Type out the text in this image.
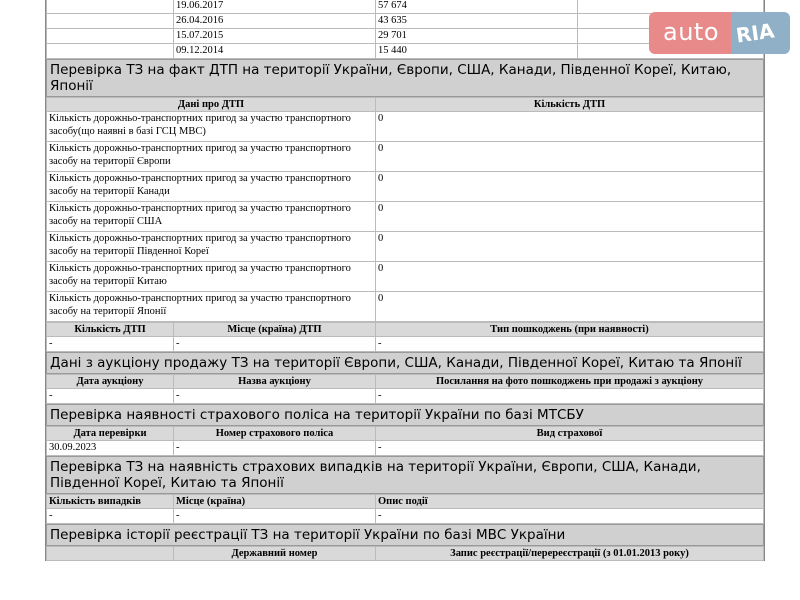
	19.06.2017	57 674	
	26.04.2016	43 635	
	15.07.2015	29 701	
	09.12.2014	15 440	
Перевірка ТЗ на факт ДТП на території України, Європи, США, Канади, Південної Кореї, Китаю, Японії
Дані про ДТП	Кількість ДТП
Кількість дорожньо-транспортних пригод за участю транспортного засобу(що наявні в базі ГСЦ МВС)	0
Кількість дорожньо-транспортних пригод за участю транспортного засобу на території Європи	0
Кількість дорожньо-транспортних пригод за участю транспортного засобу на території Канади	0
Кількість дорожньо-транспортних пригод за участю транспортного засобу на території США	0
Кількість дорожньо-транспортних пригод за участю транспортного засобу на території Південної Кореї	0
Кількість дорожньо-транспортних пригод за участю транспортного засобу на території Китаю	0
Кількість дорожньо-транспортних пригод за участю транспортного засобу на території Японії	0
Кількість ДТП	Місце (країна) ДТП	Тип пошкоджень (при наявності)
-	-	-
Дані з аукціону продажу ТЗ на території Європи, США, Канади, Південної Кореї, Китаю та Японії
Дата аукціону	Назва аукціону	Посилання на фото пошкоджень при продажі з аукціону
-	-	-
Перевірка наявності страхового поліса на території України по базі МТСБУ
Дата перевірки	Номер страхового поліса	Вид страхової
30.09.2023	-	-
Перевірка ТЗ на наявність страхових випадків на території України, Європи, США, Канади, Південної Кореї, Китаю та Японії
Кількість випадків	Місце (країна)	Опис події
-	-	-
Перевірка історії реєстрації ТЗ на території України по базі МВС України
	Державний номер	Запис реєстрації/перереєстрації (з 01.01.2013 року)
auto RIA
